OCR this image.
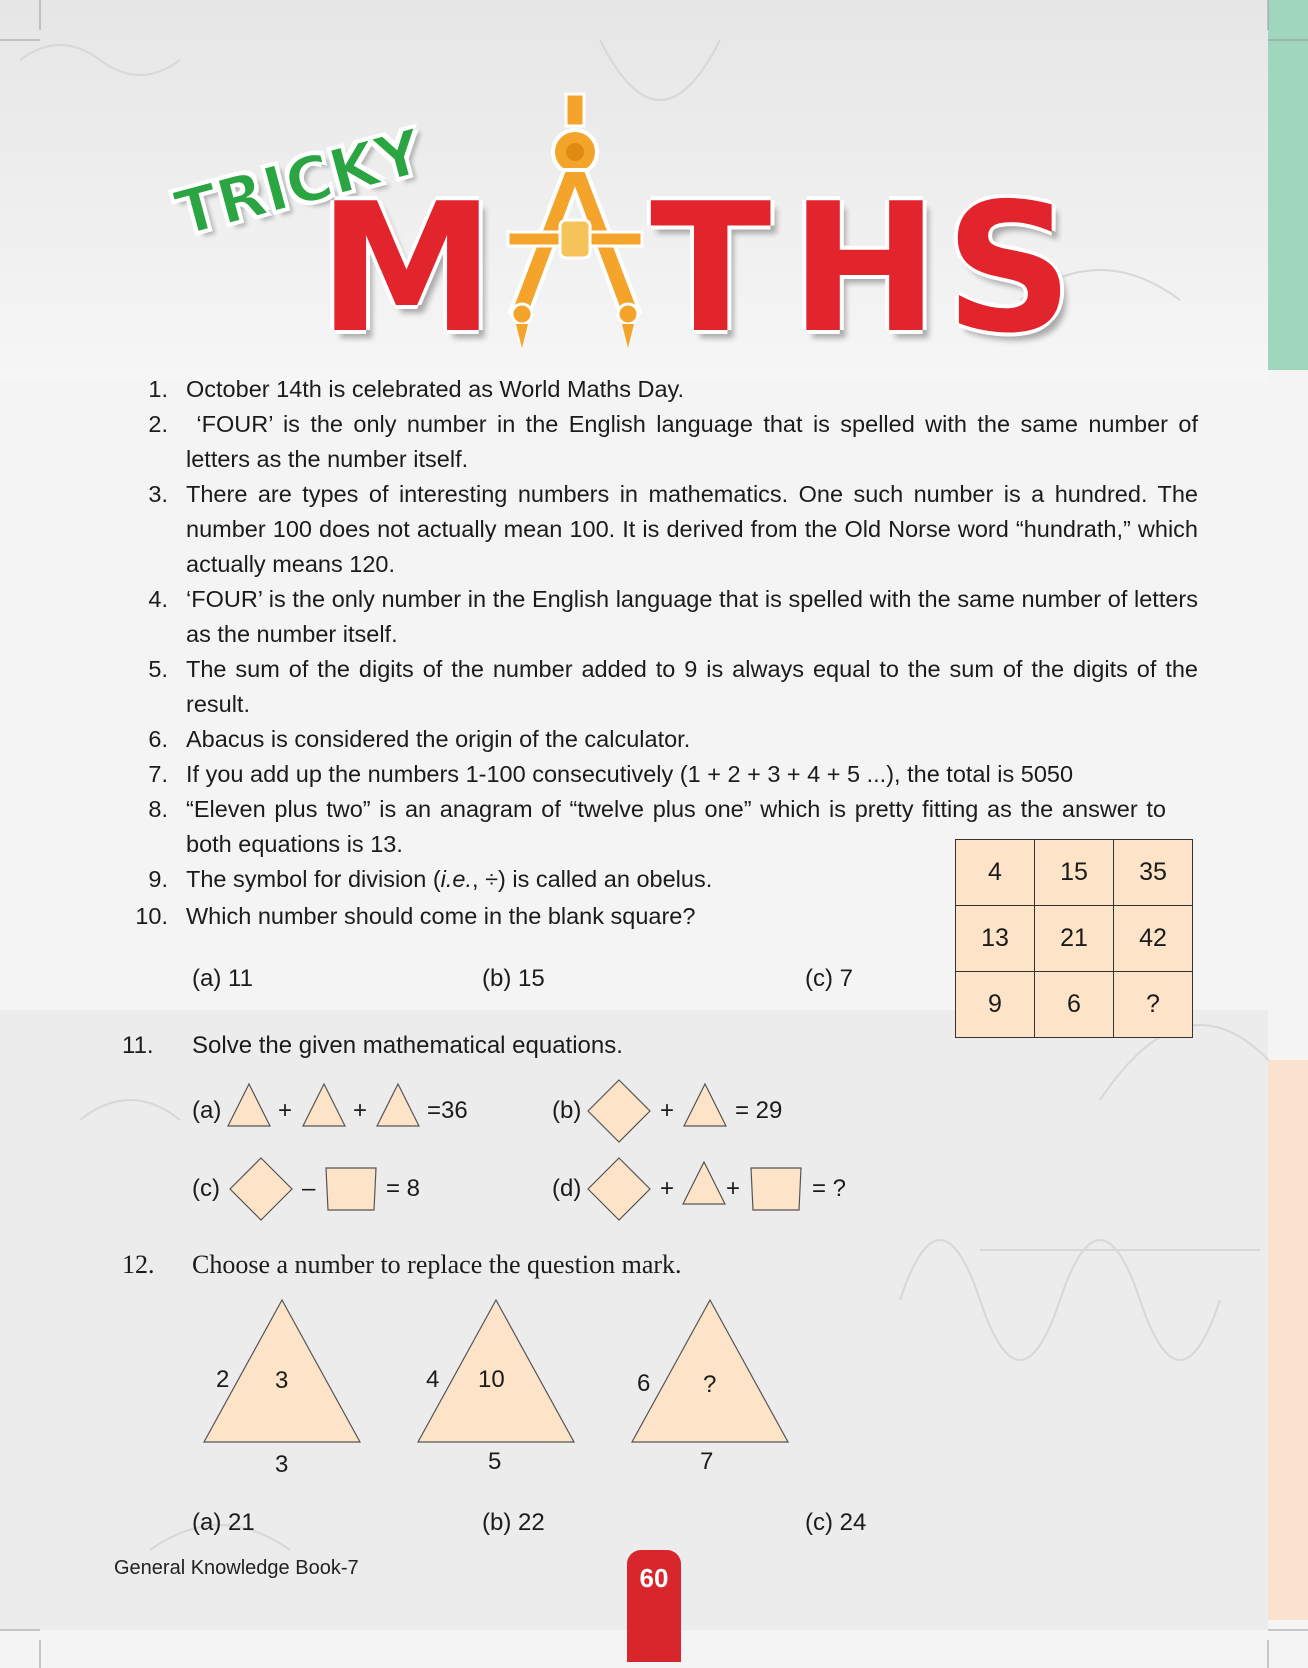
TRICKY
M T H S
1. October 14th is celebrated as World Maths Day.
2. ‘FOUR’ is the only number in the English language that is spelled with the same number of letters as the number itself.
3. There are types of interesting numbers in mathematics. One such number is a hundred. The number 100 does not actually mean 100. It is derived from the Old Norse word “hundrath,” which actually means 120.
4. ‘FOUR’ is the only number in the English language that is spelled with the same number of letters as the number itself.
5. The sum of the digits of the number added to 9 is always equal to the sum of the digits of the result.
6. Abacus is considered the origin of the calculator.
7. If you add up the numbers 1-100 consecutively (1 + 2 + 3 + 4 + 5 ...), the total is 5050
8. “Eleven plus two” is an anagram of “twelve plus one” which is pretty fitting as the answer to both equations is 13.
9. The symbol for division (i.e., ÷) is called an obelus.
10. Which number should come in the blank square?
(a) 11	(b) 15	(c) 7
4	15	35
13	21	42
9	6	?
11. Solve the given mathematical equations.
(a) +	+ =36	(b)	+	= 29
(c)	–	= 8	(d)	+ +	= ?
12. Choose a number to replace the question mark.
2 3
3
4 10
5
6 ?
7
(a) 21	(b) 22	(c) 24
General Knowledge Book-7	60
